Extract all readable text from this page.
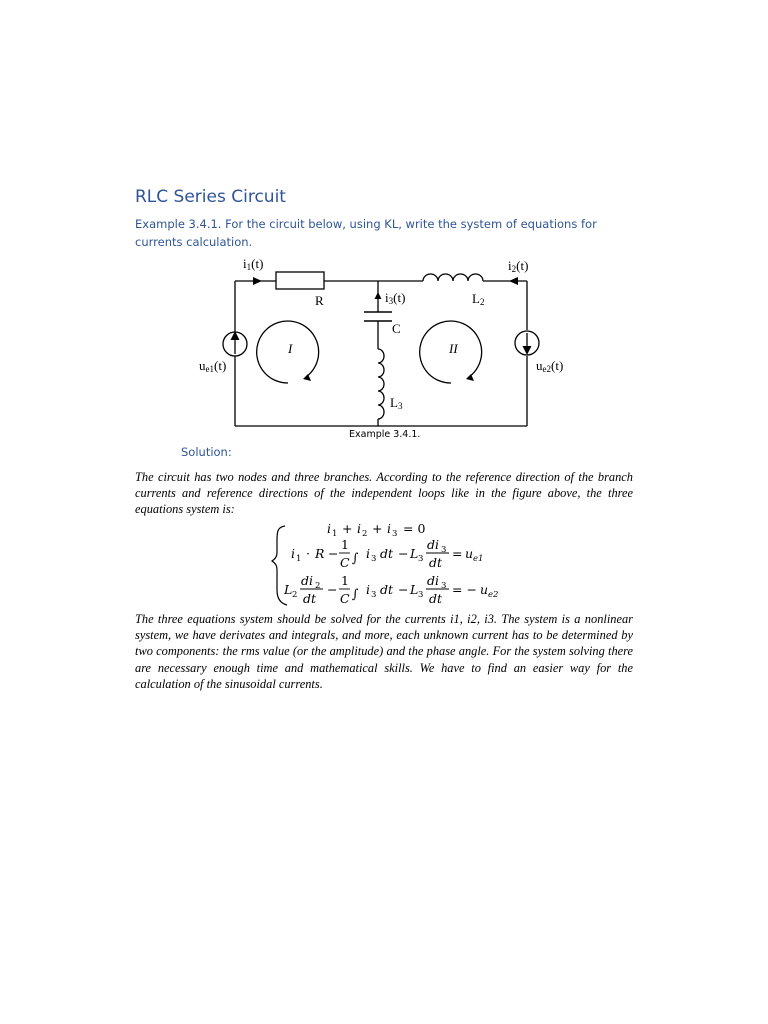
RLC Series Circuit

Example 3.4.1. For the circuit below, using KL, write the system of equations for currents calculation.

i1(t)	i2(t)
i3(t)
R
C
L2
L3
I	II
ue1(t)	ue2(t)

Example 3.4.1.

Solution:

The circuit has two nodes and three branches. According to the reference direction of the branch currents and reference directions of the independent loops like in the figure above, the three equations system is:

i 1 + i 2 + i 3 = 0
i 1 · R −
1
C ∫ i 3 dt − L 3
di 3
dt
= u e1
L 2
di 2
dt
−
1
C ∫ i 3 dt − L 3
di 3
dt
= − u e2

The three equations system should be solved for the currents i1, i2, i3. The system is a nonlinear system, we have derivates and integrals, and more, each unknown current has to be determined by two components: the rms value (or the amplitude) and the phase angle. For the system solving there are necessary enough time and mathematical skills. We have to find an easier way for the calculation of the sinusoidal currents.
